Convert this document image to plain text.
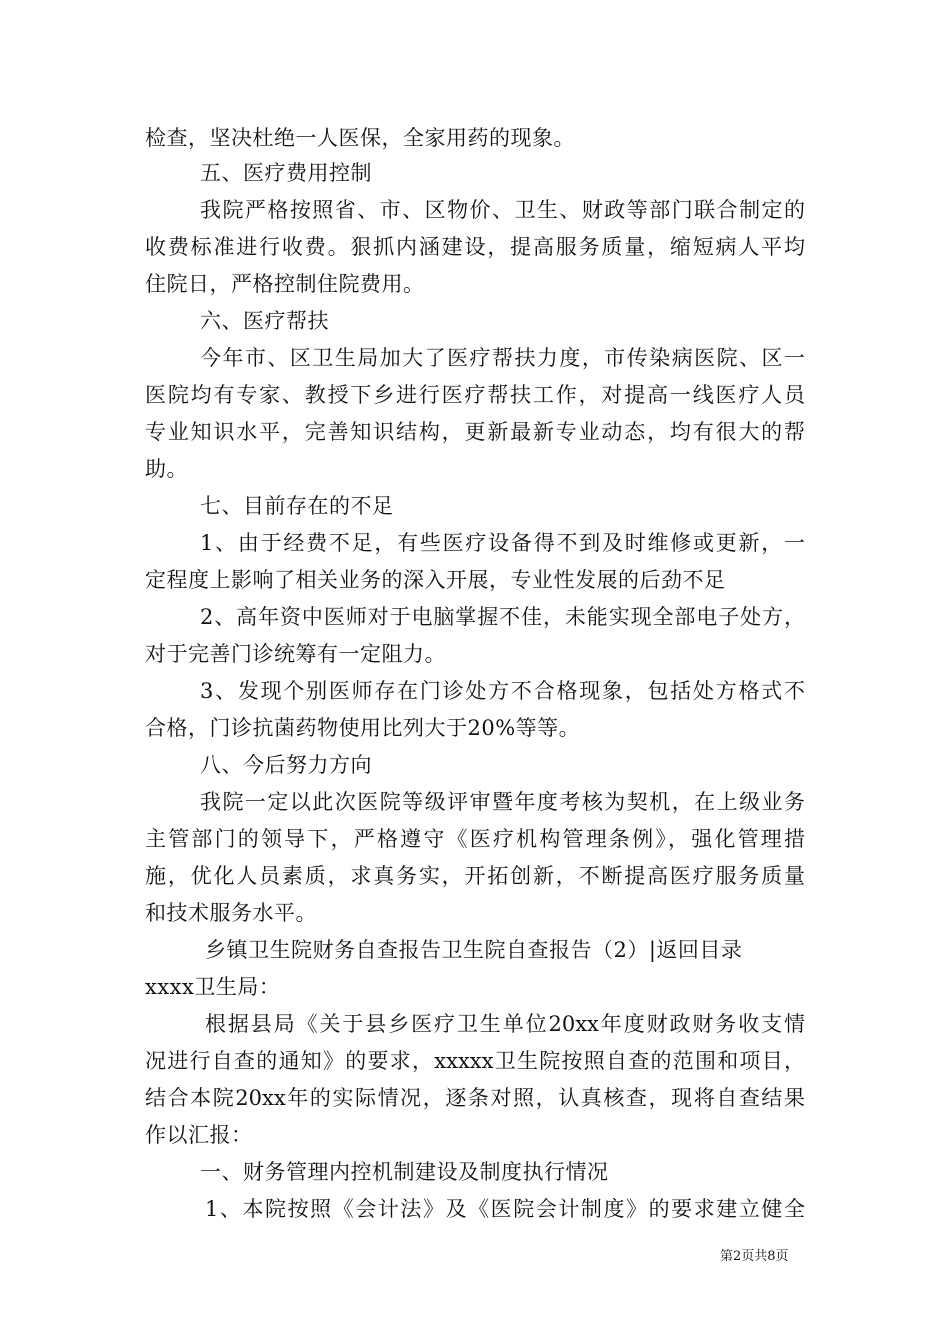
检查，坚决杜绝一人医保，全家用药的现象。
五、医疗费用控制
我院严格按照省、市、区物价、卫生、财政等部门联合制定的
收费标准进行收费。狠抓内涵建设，提高服务质量，缩短病人平均
住院日，严格控制住院费用。
六、医疗帮扶
今年市、区卫生局加大了医疗帮扶力度，市传染病医院、区一
医院均有专家、教授下乡进行医疗帮扶工作，对提高一线医疗人员
专业知识水平，完善知识结构，更新最新专业动态，均有很大的帮
助。
七、目前存在的不足
1、由于经费不足，有些医疗设备得不到及时维修或更新，一
定程度上影响了相关业务的深入开展，专业性发展的后劲不足
2、高年资中医师对于电脑掌握不佳，未能实现全部电子处方，
对于完善门诊统筹有一定阻力。
3、发现个别医师存在门诊处方不合格现象，包括处方格式不
合格，门诊抗菌药物使用比列大于20%等等。
八、今后努力方向
我院一定以此次医院等级评审暨年度考核为契机，在上级业务
主管部门的领导下，严格遵守《医疗机构管理条例》，强化管理措
施，优化人员素质，求真务实，开拓创新，不断提高医疗服务质量
和技术服务水平。
乡镇卫生院财务自查报告卫生院自查报告（2）|返回目录
xxxx卫生局：
根据县局《关于县乡医疗卫生单位20xx年度财政财务收支情
况进行自查的通知》的要求，xxxxx卫生院按照自查的范围和项目，
结合本院20xx年的实际情况，逐条对照，认真核查，现将自查结果
作以汇报：
一、财务管理内控机制建设及制度执行情况
1、本院按照《会计法》及《医院会计制度》的要求建立健全
第2页共8页
